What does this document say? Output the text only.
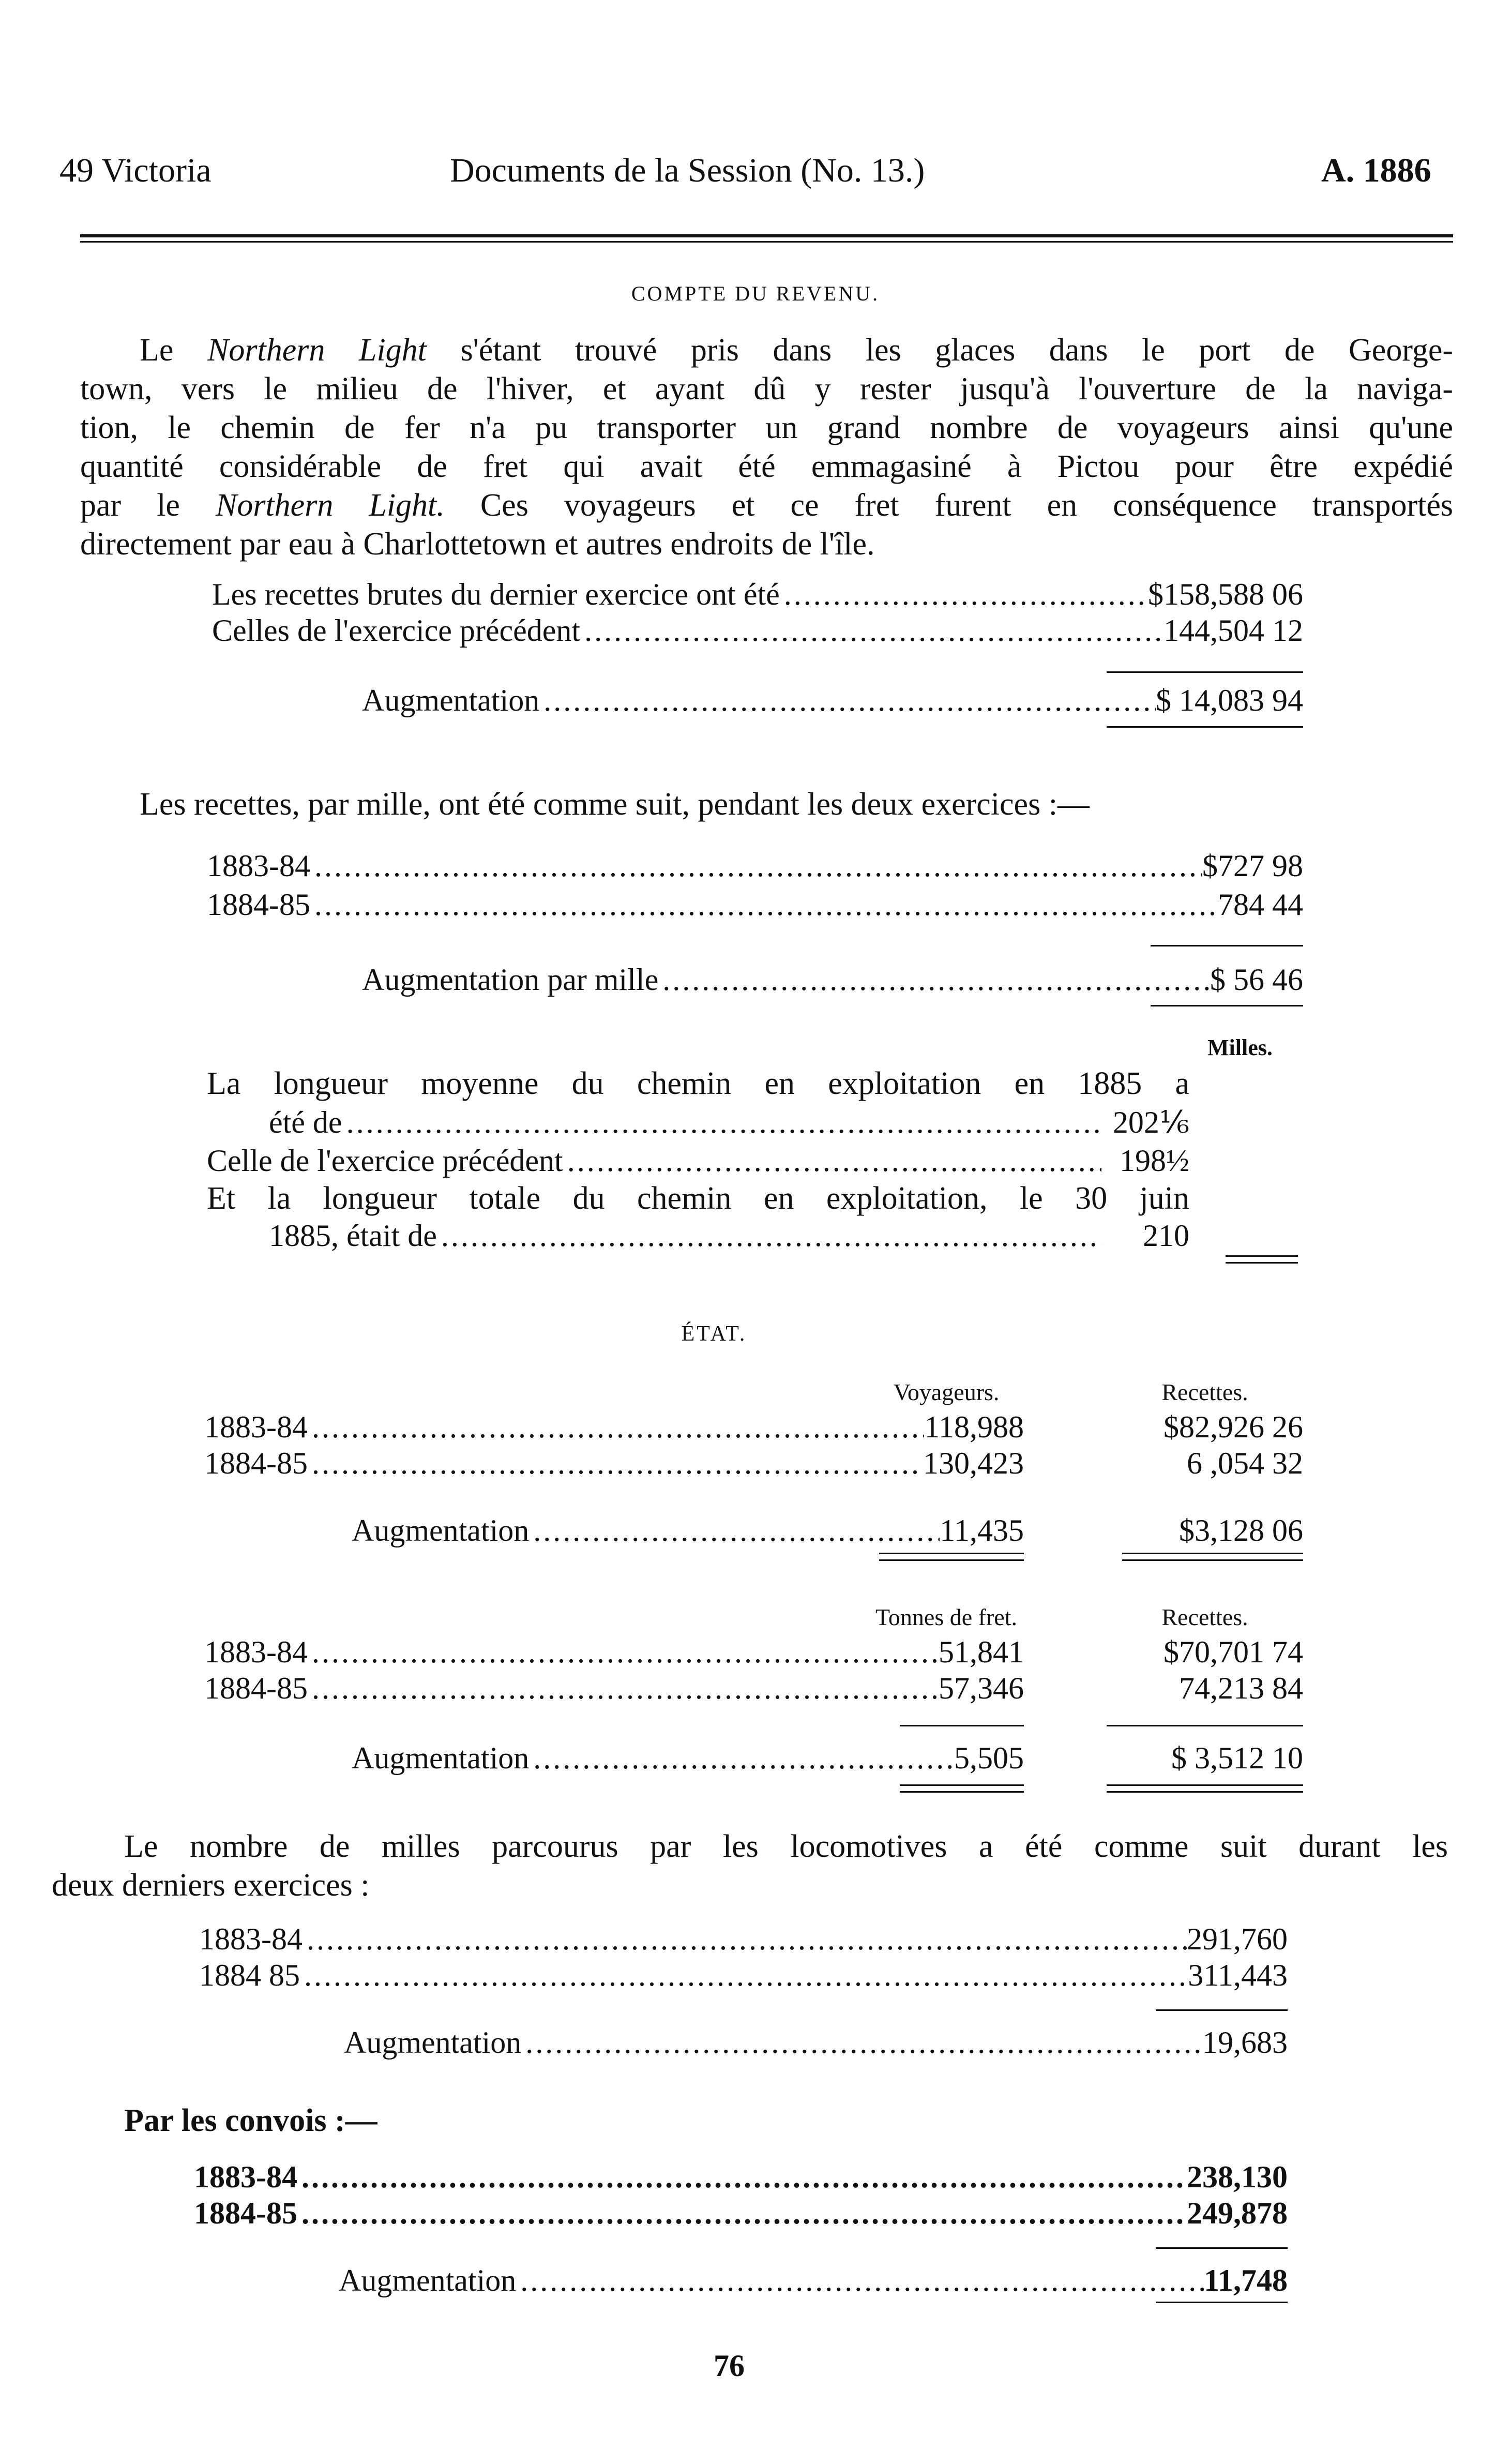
49 Victoria	Documents de la Session (No. 13.)	A. 1886
COMPTE DU REVENU.
Le Northern Light s'étant trouvé pris dans les glaces dans le port de George-
town, vers le milieu de l'hiver, et ayant dû y rester jusqu'à l'ouverture de la naviga-
tion, le chemin de fer n'a pu transporter un grand nombre de voyageurs ainsi qu'une
quantité considérable de fret qui avait été emmagasiné à Pictou pour être expédié
par le Northern Light. Ces voyageurs et ce fret furent en conséquence transportés
directement par eau à Charlottetown et autres endroits de l'île.
Les recettes brutes du dernier exercice ont été .....	$158,588 06
Celles de l'exercice précédent .....	144,504 12
Augmentation .....	$ 14,083 94
Les recettes, par mille, ont été comme suit, pendant les deux exercices :—
1883-84 .....	$727 98
1884-85 .....	784 44
Augmentation par mille .....	$ 56 46
Milles.
La longueur moyenne du chemin en exploitation en 1885 a
été de .....	202⅙
Celle de l'exercice précédent .....	198½
Et la longueur totale du chemin en exploitation, le 30 juin
1885, était de .....	210
ÉTAT.
Voyageurs.	Recettes.
1883-84 .....	118,988	$82,926 26
1884-85 .....	130,423	6 ,054 32
Augmentation .....	11,435	$3,128 06
Tonnes de fret.	Recettes.
1883-84 .....	51,841	$70,701 74
1884-85 .....	57,346	74,213 84
Augmentation .....	5,505	$ 3,512 10
Le nombre de milles parcourus par les locomotives a été comme suit durant les
deux derniers exercices :
1883-84 .....	291,760
1884 85 .....	311,443
Augmentation .....	19,683
Par les convois :—
1883-84 .....	238,130
1884-85 .....	249,878
Augmentation .....	11,748
76
